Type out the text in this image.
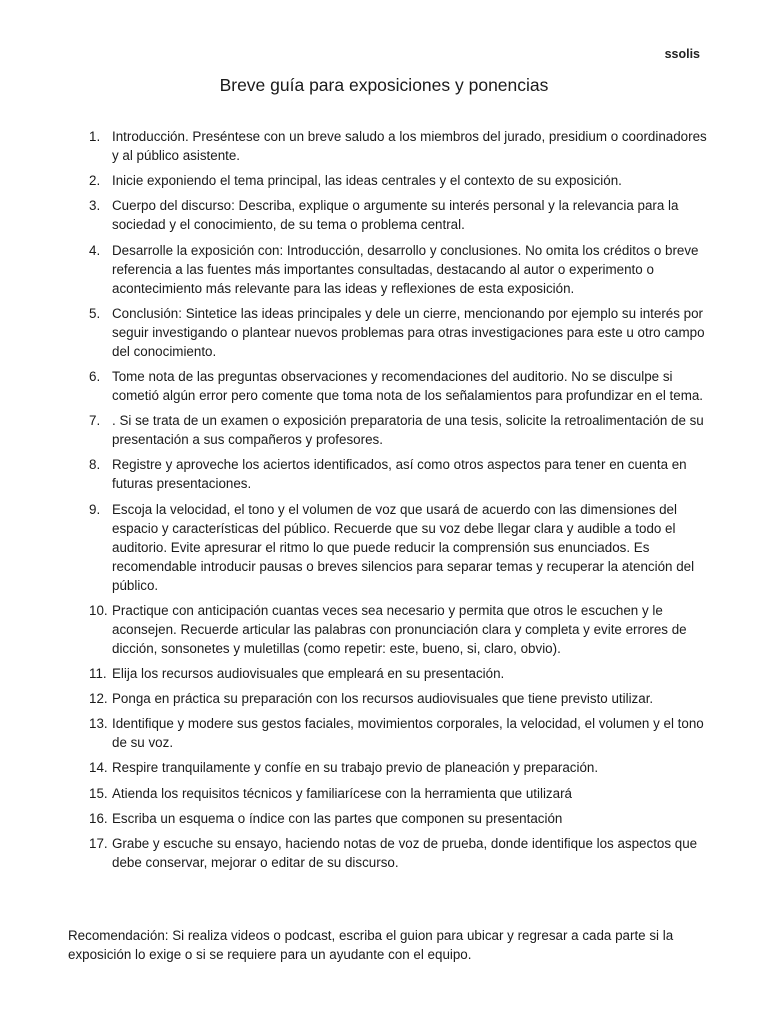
ssolis
Breve guía para exposiciones y ponencias
1. Introducción. Preséntese con un breve saludo a los miembros del jurado, presidium o coordinadores y al público asistente.
2. Inicie exponiendo el tema principal, las ideas centrales y el contexto de su exposición.
3. Cuerpo del discurso: Describa, explique o argumente su interés personal y la relevancia para la sociedad y el conocimiento, de su tema o problema central.
4. Desarrolle la exposición con: Introducción, desarrollo y conclusiones. No omita los créditos o breve referencia a las fuentes más importantes consultadas, destacando al autor o experimento o acontecimiento más relevante para las ideas y reflexiones de esta exposición.
5. Conclusión: Sintetice las ideas principales y dele un cierre, mencionando por ejemplo su interés por seguir investigando o plantear nuevos problemas para otras investigaciones para este u otro campo del conocimiento.
6. Tome nota de las preguntas observaciones y recomendaciones del auditorio. No se disculpe si cometió algún error pero comente que toma nota de los señalamientos para profundizar en el tema.
7. . Si se trata de un examen o exposición preparatoria de una tesis, solicite la retroalimentación de su presentación a sus compañeros y profesores.
8. Registre y aproveche los aciertos identificados, así como otros aspectos para tener en cuenta en futuras presentaciones.
9. Escoja la velocidad, el tono y el volumen de voz que usará de acuerdo con las dimensiones del espacio y características del público. Recuerde que su voz debe llegar clara y audible a todo el auditorio. Evite apresurar el ritmo lo que puede reducir la comprensión sus enunciados. Es recomendable introducir pausas o breves silencios para separar temas y recuperar la atención del público.
10. Practique con anticipación cuantas veces sea necesario y permita que otros le escuchen y le aconsejen. Recuerde articular las palabras con pronunciación clara y completa y evite errores de dicción, sonsonetes y muletillas (como repetir: este, bueno, si, claro, obvio).
11. Elija los recursos audiovisuales que empleará en su presentación.
12. Ponga en práctica su preparación con los recursos audiovisuales que tiene previsto utilizar.
13. Identifique y modere sus gestos faciales, movimientos corporales, la velocidad, el volumen y el tono de su voz.
14. Respire tranquilamente y confíe en su trabajo previo de planeación y preparación.
15. Atienda los requisitos técnicos y familiarícese con la herramienta que utilizará
16. Escriba un esquema o índice con las partes que componen su presentación
17. Grabe y escuche su ensayo, haciendo notas de voz de prueba, donde identifique los aspectos que debe conservar, mejorar o editar de su discurso.
Recomendación: Si realiza videos o podcast, escriba el guion para ubicar y regresar a cada parte si la exposición lo exige o si se requiere para un ayudante con el equipo.
